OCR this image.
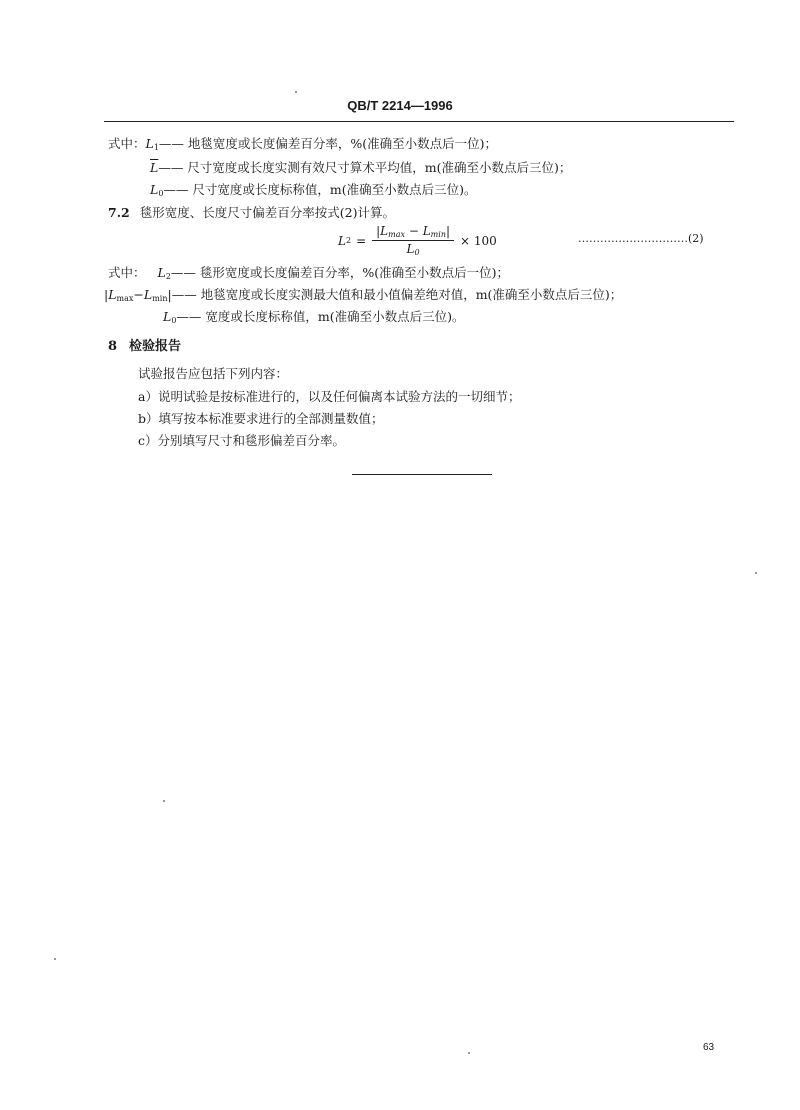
QB/T 2214—1996
式中：$L_1——$ 地毯宽度或长度偏差百分率，%(准确至小数点后一位)；
$\overline{L}——$ 尺寸宽度或长度实测有效尺寸算术平均值，m(准确至小数点后三位)；
$L_0——$ 尺寸宽度或长度标称值，m(准确至小数点后三位)。
7.2 毯形宽度、长度尺寸偏差百分率按式(2)计算。
L $2 = \frac{|L_{max} - L_{min}|}{L_0} \times 100$	…………………………(2)
式中： $L_2——$ 毯形宽度或长度偏差百分率，%(准确至小数点后一位)；
$|L_{max}-L_{min}|——$ 地毯宽度或长度实测最大值和最小值偏差绝对值，m(准确至小数点后三位)；
$L_0——$ 宽度或长度标称值，m(准确至小数点后三位)。
8 检验报告
试验报告应包括下列内容：
a）说明试验是按标准进行的，以及任何偏离本试验方法的一切细节；
b）填写按本标准要求进行的全部测量数值；
c）分别填写尺寸和毯形偏差百分率。
63
